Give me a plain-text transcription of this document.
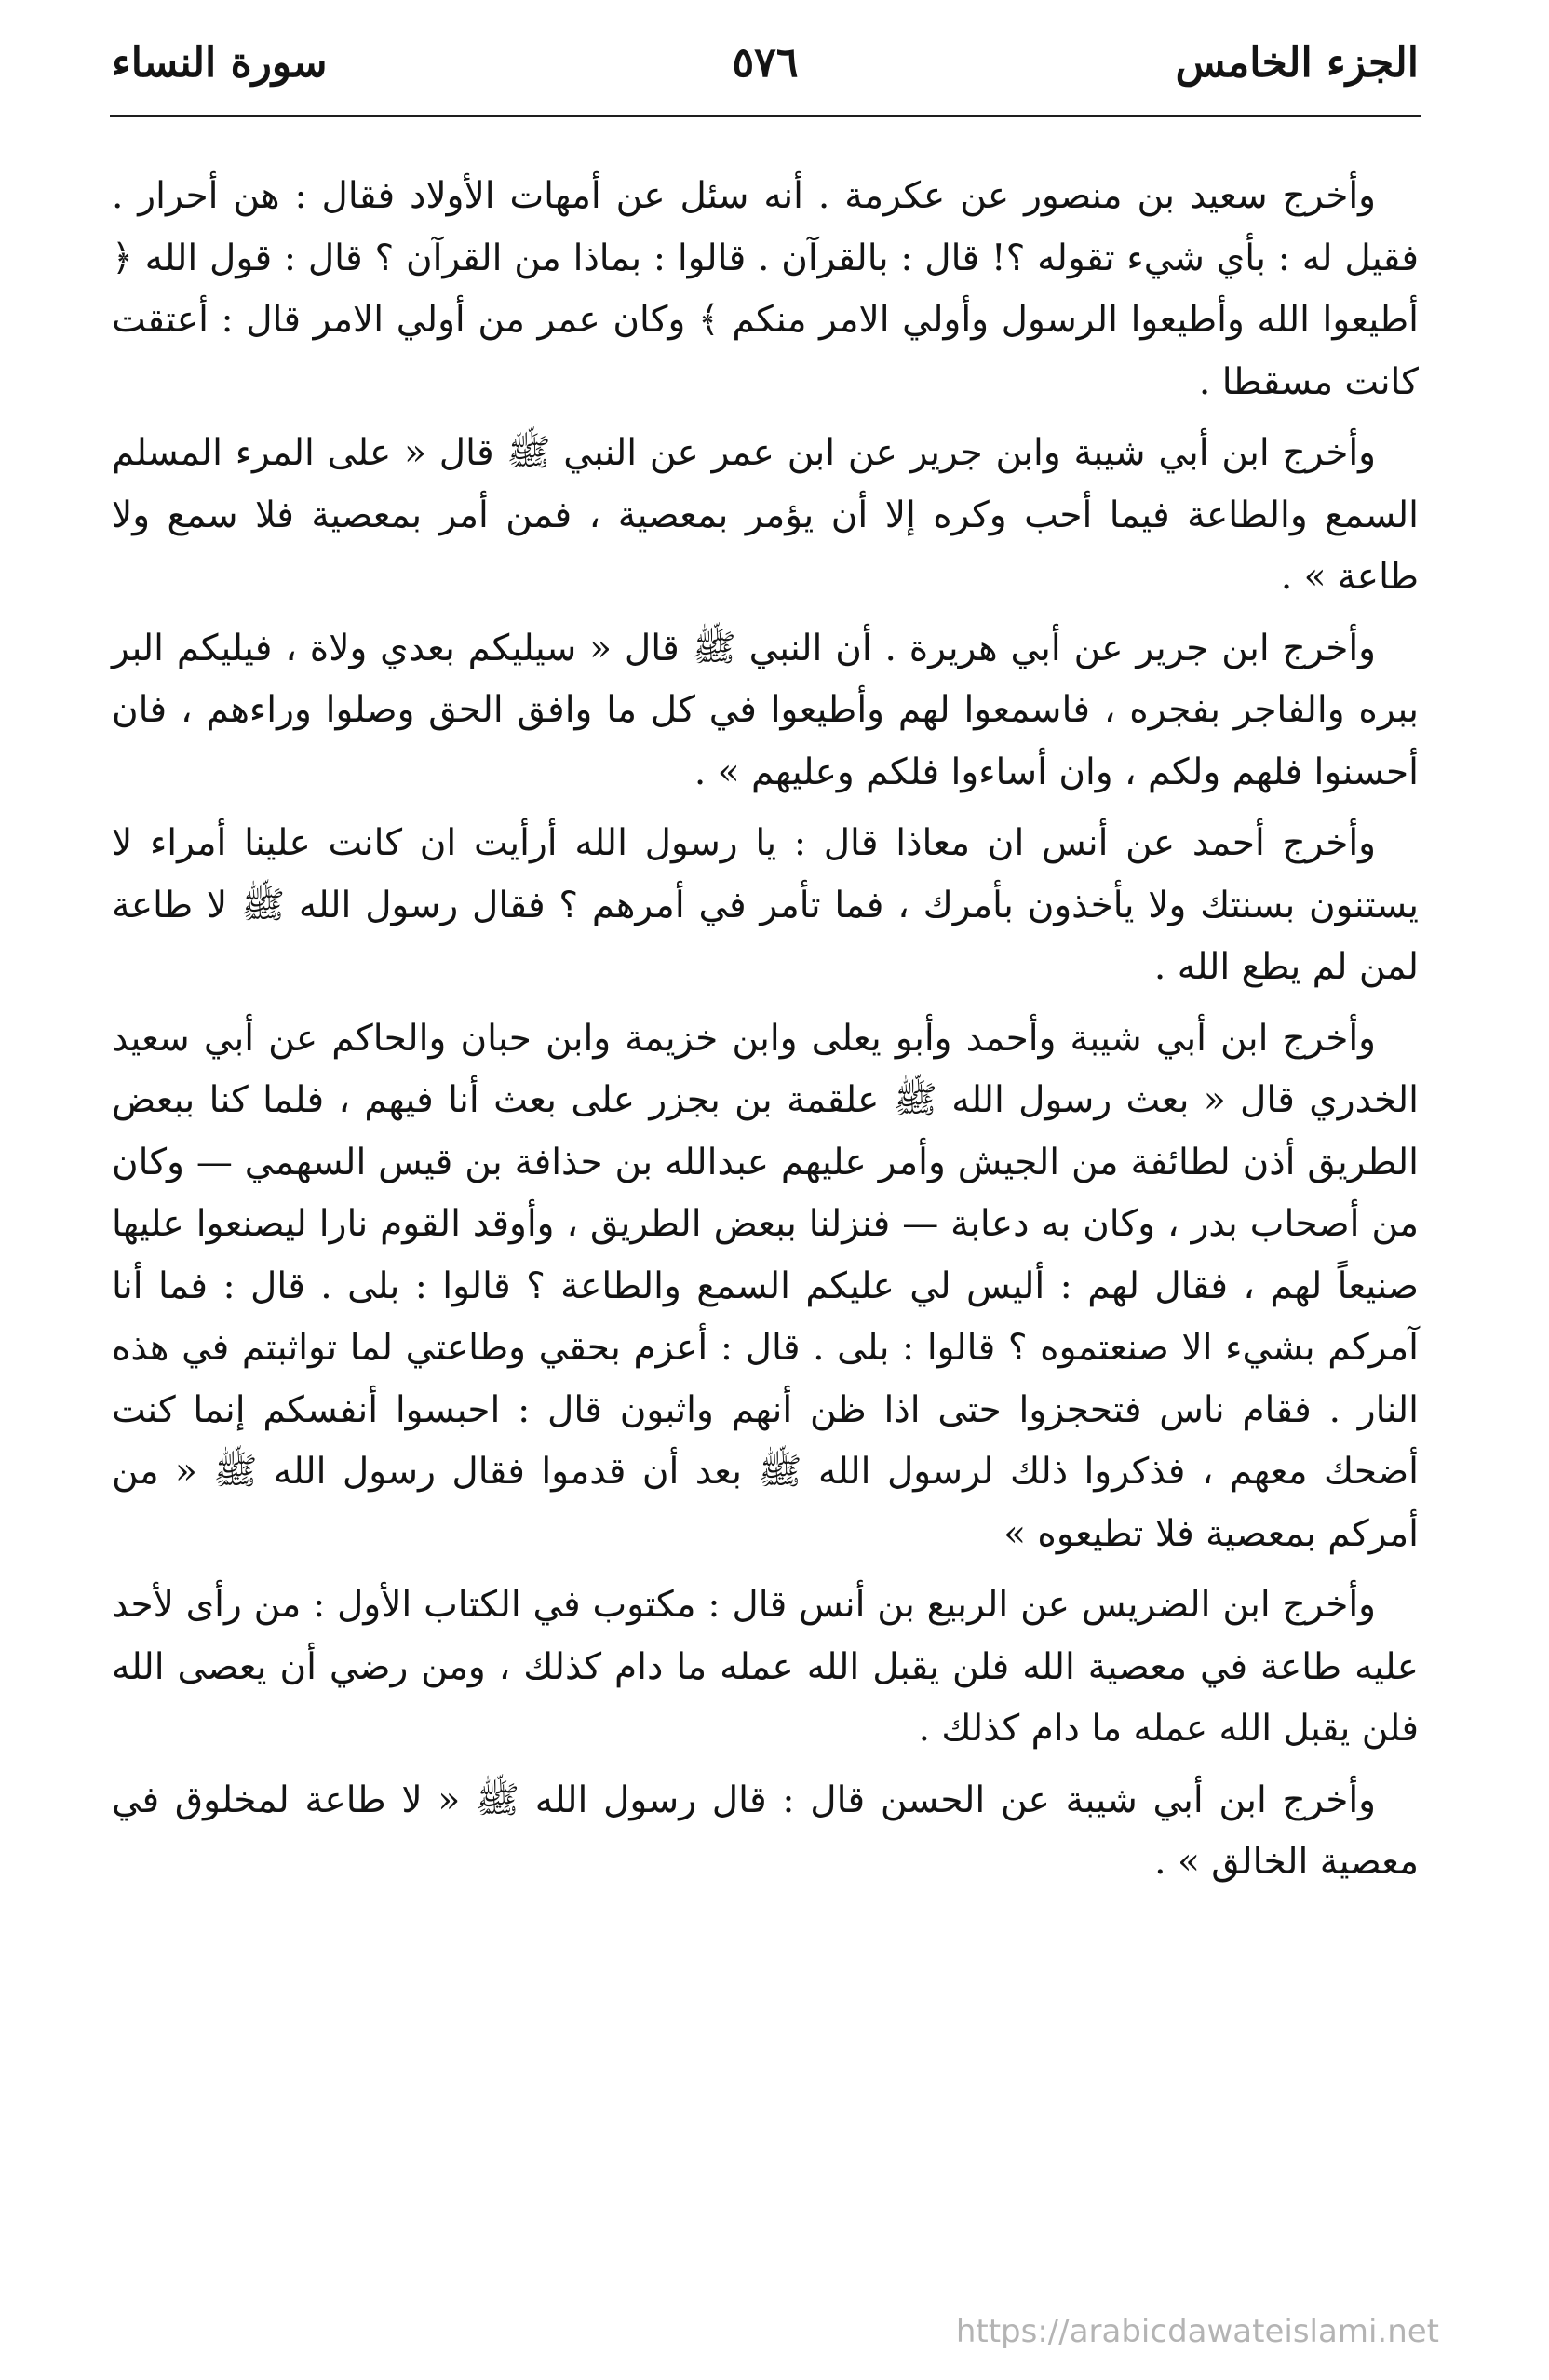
الجزء الخامس
٥٧٦
سورة النساء

وأخرج سعيد بن منصور عن عكرمة . أنه سئل عن أمهات الأولاد فقال : هن أحرار . فقيل له : بأي شيء تقوله ؟! قال : بالقرآن . قالوا : بماذا من القرآن ؟ قال : قول الله ﴿ أطيعوا الله وأطيعوا الرسول وأولي الامر منكم ﴾ وكان عمر من أولي الامر قال : أعتقت كانت مسقطا .

وأخرج ابن أبي شيبة وابن جرير عن ابن عمر عن النبي ﷺ قال « على المرء المسلم السمع والطاعة فيما أحب وكره إلا أن يؤمر بمعصية ، فمن أمر بمعصية فلا سمع ولا طاعة » .

وأخرج ابن جرير عن أبي هريرة . أن النبي ﷺ قال « سيليكم بعدي ولاة ، فيليكم البر ببره والفاجر بفجره ، فاسمعوا لهم وأطيعوا في كل ما وافق الحق وصلوا وراءهم ، فان أحسنوا فلهم ولكم ، وان أساءوا فلكم وعليهم » .

وأخرج أحمد عن أنس ان معاذا قال : يا رسول الله أرأيت ان كانت علينا أمراء لا يستنون بسنتك ولا يأخذون بأمرك ، فما تأمر في أمرهم ؟ فقال رسول الله ﷺ لا طاعة لمن لم يطع الله .

وأخرج ابن أبي شيبة وأحمد وأبو يعلى وابن خزيمة وابن حبان والحاكم عن أبي سعيد الخدري قال « بعث رسول الله ﷺ علقمة بن بجزر على بعث أنا فيهم ، فلما كنا ببعض الطريق أذن لطائفة من الجيش وأمر عليهم عبدالله بن حذافة بن قيس السهمي — وكان من أصحاب بدر ، وكان به دعابة — فنزلنا ببعض الطريق ، وأوقد القوم نارا ليصنعوا عليها صنيعاً لهم ، فقال لهم : أليس لي عليكم السمع والطاعة ؟ قالوا : بلى . قال : فما أنا آمركم بشيء الا صنعتموه ؟ قالوا : بلى . قال : أعزم بحقي وطاعتي لما تواثبتم في هذه النار . فقام ناس فتحجزوا حتى اذا ظن أنهم واثبون قال : احبسوا أنفسكم إنما كنت أضحك معهم ، فذكروا ذلك لرسول الله ﷺ بعد أن قدموا فقال رسول الله ﷺ « من أمركم بمعصية فلا تطيعوه »

وأخرج ابن الضريس عن الربيع بن أنس قال : مكتوب في الكتاب الأول : من رأى لأحد عليه طاعة في معصية الله فلن يقبل الله عمله ما دام كذلك ، ومن رضي أن يعصى الله فلن يقبل الله عمله ما دام كذلك .

وأخرج ابن أبي شيبة عن الحسن قال : قال رسول الله ﷺ « لا طاعة لمخلوق في معصية الخالق » .

https://arabicdawateislami.net
